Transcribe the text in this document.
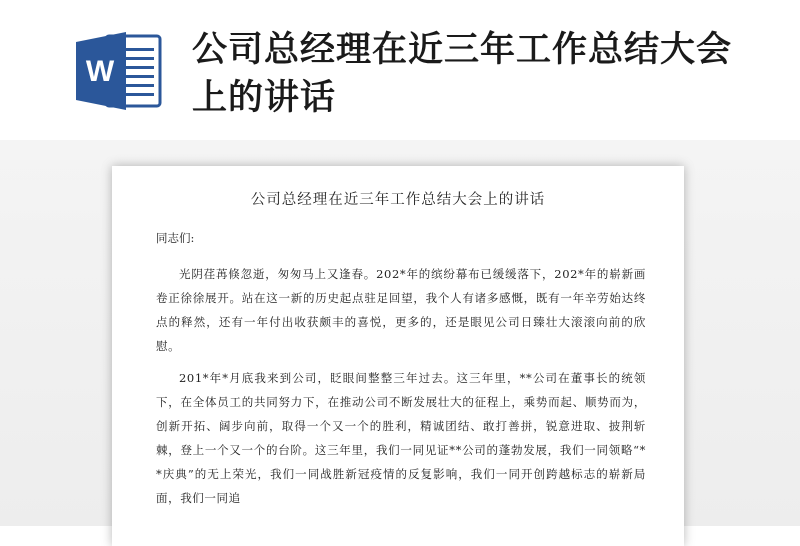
W
公司总经理在近三年工作总结大会上的讲话
公司总经理在近三年工作总结大会上的讲话
同志们:
光阴荏苒倏忽逝，匆匆马上又逢春。202*年的缤纷幕布已缓缓落下，202*年的崭新画卷正徐徐展开。站在这一新的历史起点驻足回望，我个人有诸多感慨，既有一年辛劳始达终点的释然，还有一年付出收获颇丰的喜悦，更多的，还是眼见公司日臻壮大滚滚向前的欣慰。
201*年*月底我来到公司，眨眼间整整三年过去。这三年里，**公司在董事长的统领下，在全体员工的共同努力下，在推动公司不断发展壮大的征程上，乘势而起、顺势而为，创新开拓、阔步向前，取得一个又一个的胜利，精诚团结、敢打善拼，锐意进取、披荆斩棘，登上一个又一个的台阶。这三年里，我们一同见证**公司的蓬勃发展，我们一同领略“**庆典”的无上荣光，我们一同战胜新冠疫情的反复影响，我们一同开创跨越标志的崭新局面，我们一同追
